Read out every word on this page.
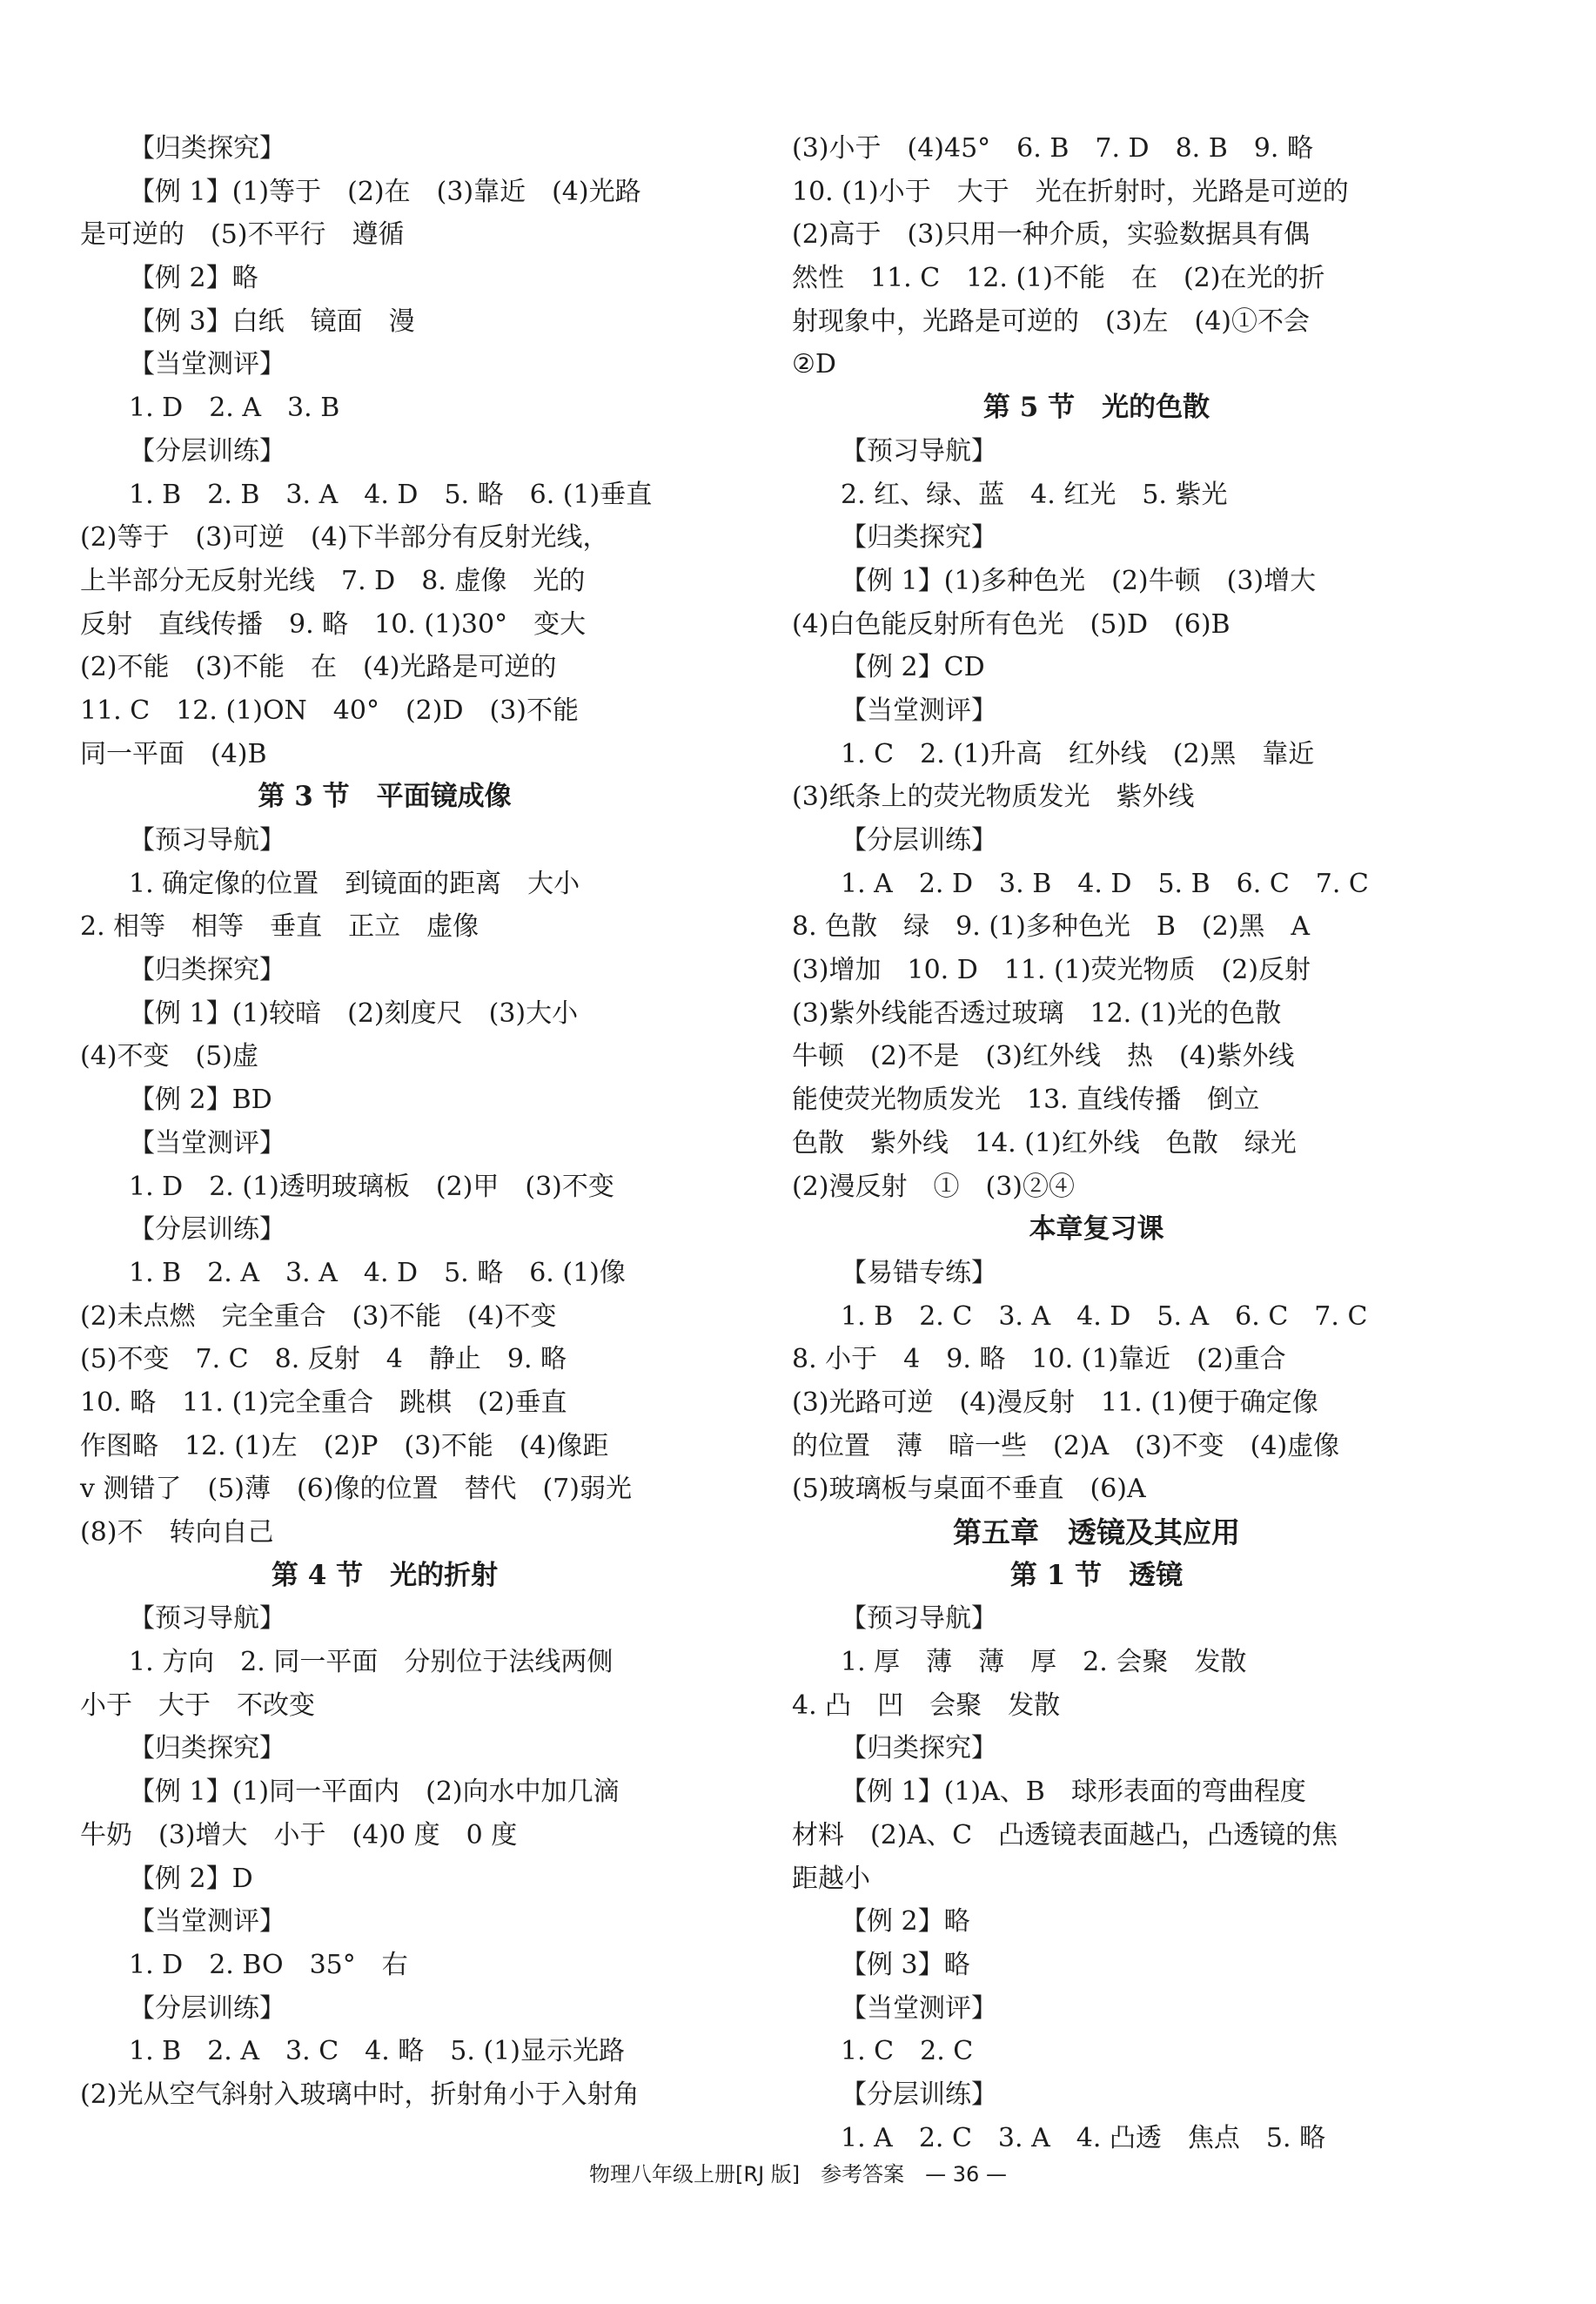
【归类探究】
【例 1】(1)等于　(2)在　(3)靠近　(4)光路
是可逆的　(5)不平行　遵循
【例 2】略
【例 3】白纸　镜面　漫
【当堂测评】
1. D　2. A　3. B
【分层训练】
1. B　2. B　3. A　4. D　5. 略　6. (1)垂直
(2)等于　(3)可逆　(4)下半部分有反射光线，
上半部分无反射光线　7. D　8. 虚像　光的
反射　直线传播　9. 略　10. (1)30°　变大
(2)不能　(3)不能　在　(4)光路是可逆的
11. C　12. (1)ON　40°　(2)D　(3)不能
同一平面　(4)B
第 3 节　平面镜成像
【预习导航】
1. 确定像的位置　到镜面的距离　大小
2. 相等　相等　垂直　正立　虚像
【归类探究】
【例 1】(1)较暗　(2)刻度尺　(3)大小
(4)不变　(5)虚
【例 2】BD
【当堂测评】
1. D　2. (1)透明玻璃板　(2)甲　(3)不变
【分层训练】
1. B　2. A　3. A　4. D　5. 略　6. (1)像
(2)未点燃　完全重合　(3)不能　(4)不变
(5)不变　7. C　8. 反射　4　静止　9. 略
10. 略　11. (1)完全重合　跳棋　(2)垂直
作图略　12. (1)左　(2)P　(3)不能　(4)像距
v 测错了　(5)薄　(6)像的位置　替代　(7)弱光
(8)不　转向自己
第 4 节　光的折射
【预习导航】
1. 方向　2. 同一平面　分别位于法线两侧
小于　大于　不改变
【归类探究】
【例 1】(1)同一平面内　(2)向水中加几滴
牛奶　(3)增大　小于　(4)0 度　0 度
【例 2】D
【当堂测评】
1. D　2. BO　35°　右
【分层训练】
1. B　2. A　3. C　4. 略　5. (1)显示光路
(2)光从空气斜射入玻璃中时，折射角小于入射角
(3)小于　(4)45°　6. B　7. D　8. B　9. 略
10. (1)小于　大于　光在折射时，光路是可逆的
(2)高于　(3)只用一种介质，实验数据具有偶
然性　11. C　12. (1)不能　在　(2)在光的折
射现象中，光路是可逆的　(3)左　(4)①不会
②D
第 5 节　光的色散
【预习导航】
2. 红、绿、蓝　4. 红光　5. 紫光
【归类探究】
【例 1】(1)多种色光　(2)牛顿　(3)增大
(4)白色能反射所有色光　(5)D　(6)B
【例 2】CD
【当堂测评】
1. C　2. (1)升高　红外线　(2)黑　靠近
(3)纸条上的荧光物质发光　紫外线
【分层训练】
1. A　2. D　3. B　4. D　5. B　6. C　7. C
8. 色散　绿　9. (1)多种色光　B　(2)黑　A
(3)增加　10. D　11. (1)荧光物质　(2)反射
(3)紫外线能否透过玻璃　12. (1)光的色散
牛顿　(2)不是　(3)红外线　热　(4)紫外线
能使荧光物质发光　13. 直线传播　倒立
色散　紫外线　14. (1)红外线　色散　绿光
(2)漫反射　①　(3)②④
本章复习课
【易错专练】
1. B　2. C　3. A　4. D　5. A　6. C　7. C
8. 小于　4　9. 略　10. (1)靠近　(2)重合
(3)光路可逆　(4)漫反射　11. (1)便于确定像
的位置　薄　暗一些　(2)A　(3)不变　(4)虚像
(5)玻璃板与桌面不垂直　(6)A
第五章　透镜及其应用
第 1 节　透镜
【预习导航】
1. 厚　薄　薄　厚　2. 会聚　发散
4. 凸　凹　会聚　发散
【归类探究】
【例 1】(1)A、B　球形表面的弯曲程度
材料　(2)A、C　凸透镜表面越凸，凸透镜的焦
距越小
【例 2】略
【例 3】略
【当堂测评】
1. C　2. C
【分层训练】
1. A　2. C　3. A　4. 凸透　焦点　5. 略
物理八年级上册[RJ 版]　参考答案　— 36 —
